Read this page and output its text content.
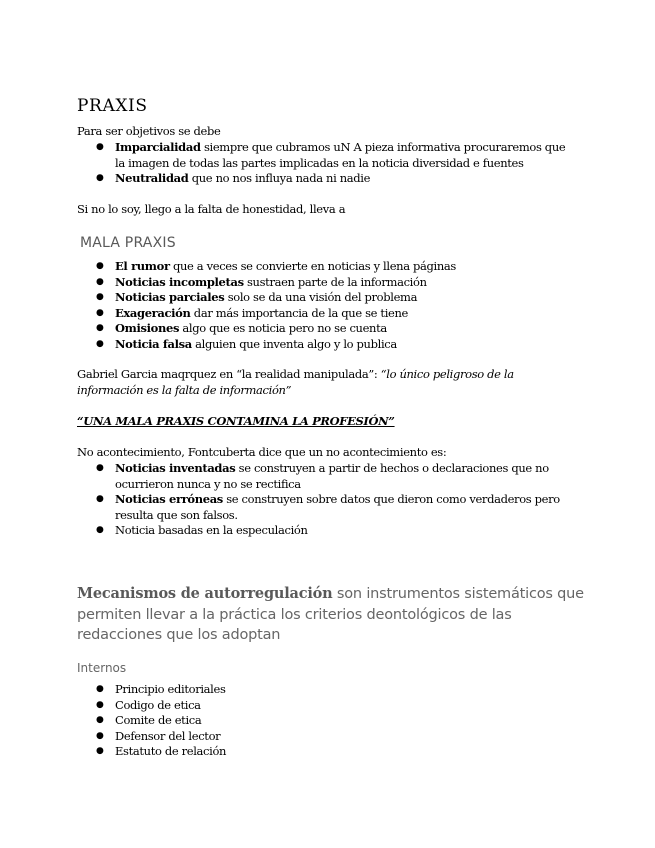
PRAXIS
Para ser objetivos se debe
● Imparcialidad siempre que cubramos uN A pieza informativa procuraremos que la imagen de todas las partes implicadas en la noticia diversidad e fuentes
● Neutralidad que no nos influya nada ni nadie
Si no lo soy, llego a la falta de honestidad, lleva a
MALA PRAXIS
● El rumor que a veces se convierte en noticias y llena páginas
● Noticias incompletas sustraen parte de la información
● Noticias parciales solo se da una visión del problema
● Exageración dar más importancia de la que se tiene
● Omisiones algo que es noticia pero no se cuenta
● Noticia falsa alguien que inventa algo y lo publica
Gabriel Garcia maqrquez en “la realidad manipulada”: “lo único peligroso de la información es la falta de información”
“UNA MALA PRAXIS CONTAMINA LA PROFESIÓN”
No acontecimiento, Fontcuberta dice que un no acontecimiento es:
● Noticias inventadas se construyen a partir de hechos o declaraciones que no ocurrieron nunca y no se rectifica
● Noticias erróneas se construyen sobre datos que dieron como verdaderos pero resulta que son falsos.
● Noticia basadas en la especulación
Mecanismos de autorregulación son instrumentos sistemáticos que permiten llevar a la práctica los criterios deontológicos de las redacciones que los adoptan
Internos
● Principio editoriales
● Codigo de etica
● Comite de etica
● Defensor del lector
● Estatuto de relación
